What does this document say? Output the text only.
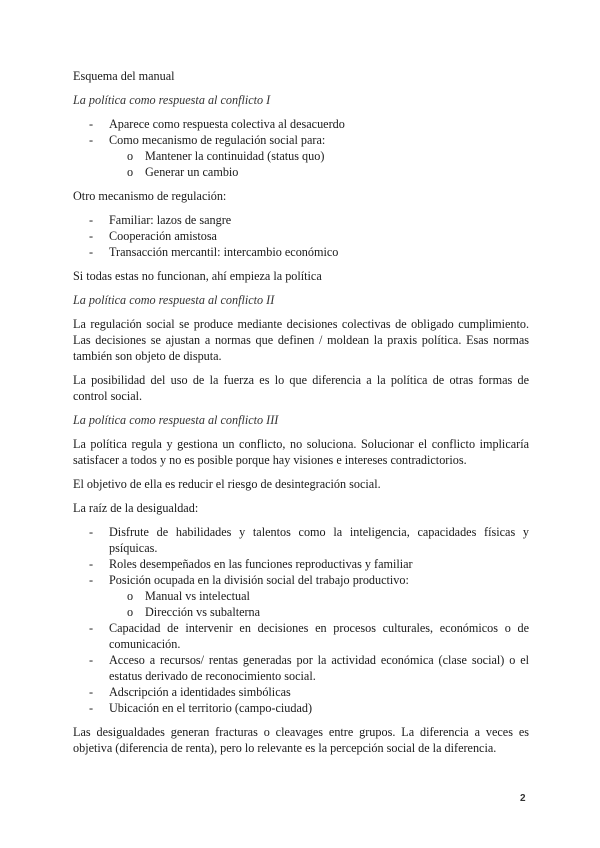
Esquema del manual

La política como respuesta al conflicto I

- Aparece como respuesta colectiva al desacuerdo
- Como mecanismo de regulación social para:
o Mantener la continuidad (status quo)
o Generar un cambio

Otro mecanismo de regulación:

- Familiar: lazos de sangre
- Cooperación amistosa
- Transacción mercantil: intercambio económico

Si todas estas no funcionan, ahí empieza la política

La política como respuesta al conflicto II

La regulación social se produce mediante decisiones colectivas de obligado cumplimiento. Las decisiones se ajustan a normas que definen / moldean la praxis política. Esas normas también son objeto de disputa.

La posibilidad del uso de la fuerza es lo que diferencia a la política de otras formas de control social.

La política como respuesta al conflicto III

La política regula y gestiona un conflicto, no soluciona. Solucionar el conflicto implicaría satisfacer a todos y no es posible porque hay visiones e intereses contradictorios.

El objetivo de ella es reducir el riesgo de desintegración social.

La raíz de la desigualdad:

- Disfrute de habilidades y talentos como la inteligencia, capacidades físicas y psíquicas.
- Roles desempeñados en las funciones reproductivas y familiar
- Posición ocupada en la división social del trabajo productivo:
o Manual vs intelectual
o Dirección vs subalterna
- Capacidad de intervenir en decisiones en procesos culturales, económicos o de comunicación.
- Acceso a recursos/ rentas generadas por la actividad económica (clase social) o el estatus derivado de reconocimiento social.
- Adscripción a identidades simbólicas
- Ubicación en el territorio (campo-ciudad)

Las desigualdades generan fracturas o cleavages entre grupos. La diferencia a veces es objetiva (diferencia de renta), pero lo relevante es la percepción social de la diferencia.

2
